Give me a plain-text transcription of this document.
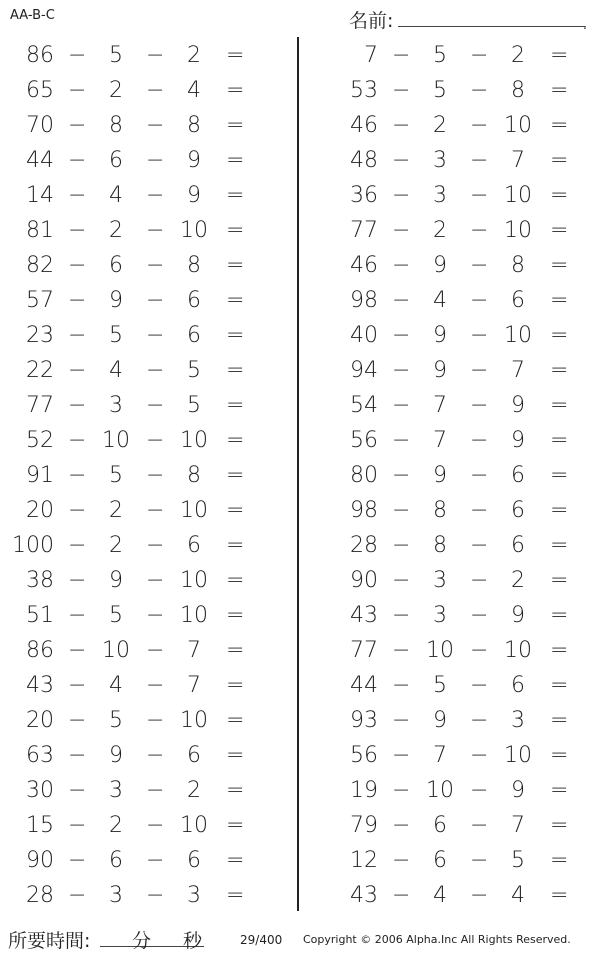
AA-B-C	名前:	.
86 −	5	−	2	=
65 −	2	−	4	=
70 −	8	−	8	=
44 −	6	−	9	=
14 −	4	−	9	=
81 −	2	− 10 =
82 −	6	−	8	=
57 −	9	−	6	=
23 −	5	−	6	=
22 −	4	−	5	=
77 −	3	−	5	=
52 − 10 − 10 =
91 −	5	−	8	=
20 −	2	− 10 =
100 −	2	−	6	=
38 −	9	− 10 =
51 −	5	− 10 =
86 − 10 −	7	=
43 −	4	−	7	=
20 −	5	− 10 =
63 −	9	−	6	=
30 −	3	−	2	=
15 −	2	− 10 =
90 −	6	−	6	=
28 −	3	−	3	=
7 −	5	−	2	=
53 −	5	−	8	=
46 −	2	− 10 =
48 −	3	−	7	=
36 −	3	− 10 =
77 −	2	− 10 =
46 −	9	−	8	=
98 −	4	−	6	=
40 −	9	− 10 =
94 −	9	−	7	=
54 −	7	−	9	=
56 −	7	−	9	=
80 −	9	−	6	=
98 −	8	−	6	=
28 −	8	−	6	=
90 −	3	−	2	=
43 −	3	−	9	=
77 − 10 − 10 =
44 −	5	−	6	=
93 −	9	−	3	=
56 −	7	− 10 =
19 − 10 −	9	=
79 −	6	−	7	=
12 −	6	−	5	=
43 −	4	−	4	=
所要時間: 分 秒	29/400 Copyright © 2006 Alpha.Inc All Rights Reserved.
